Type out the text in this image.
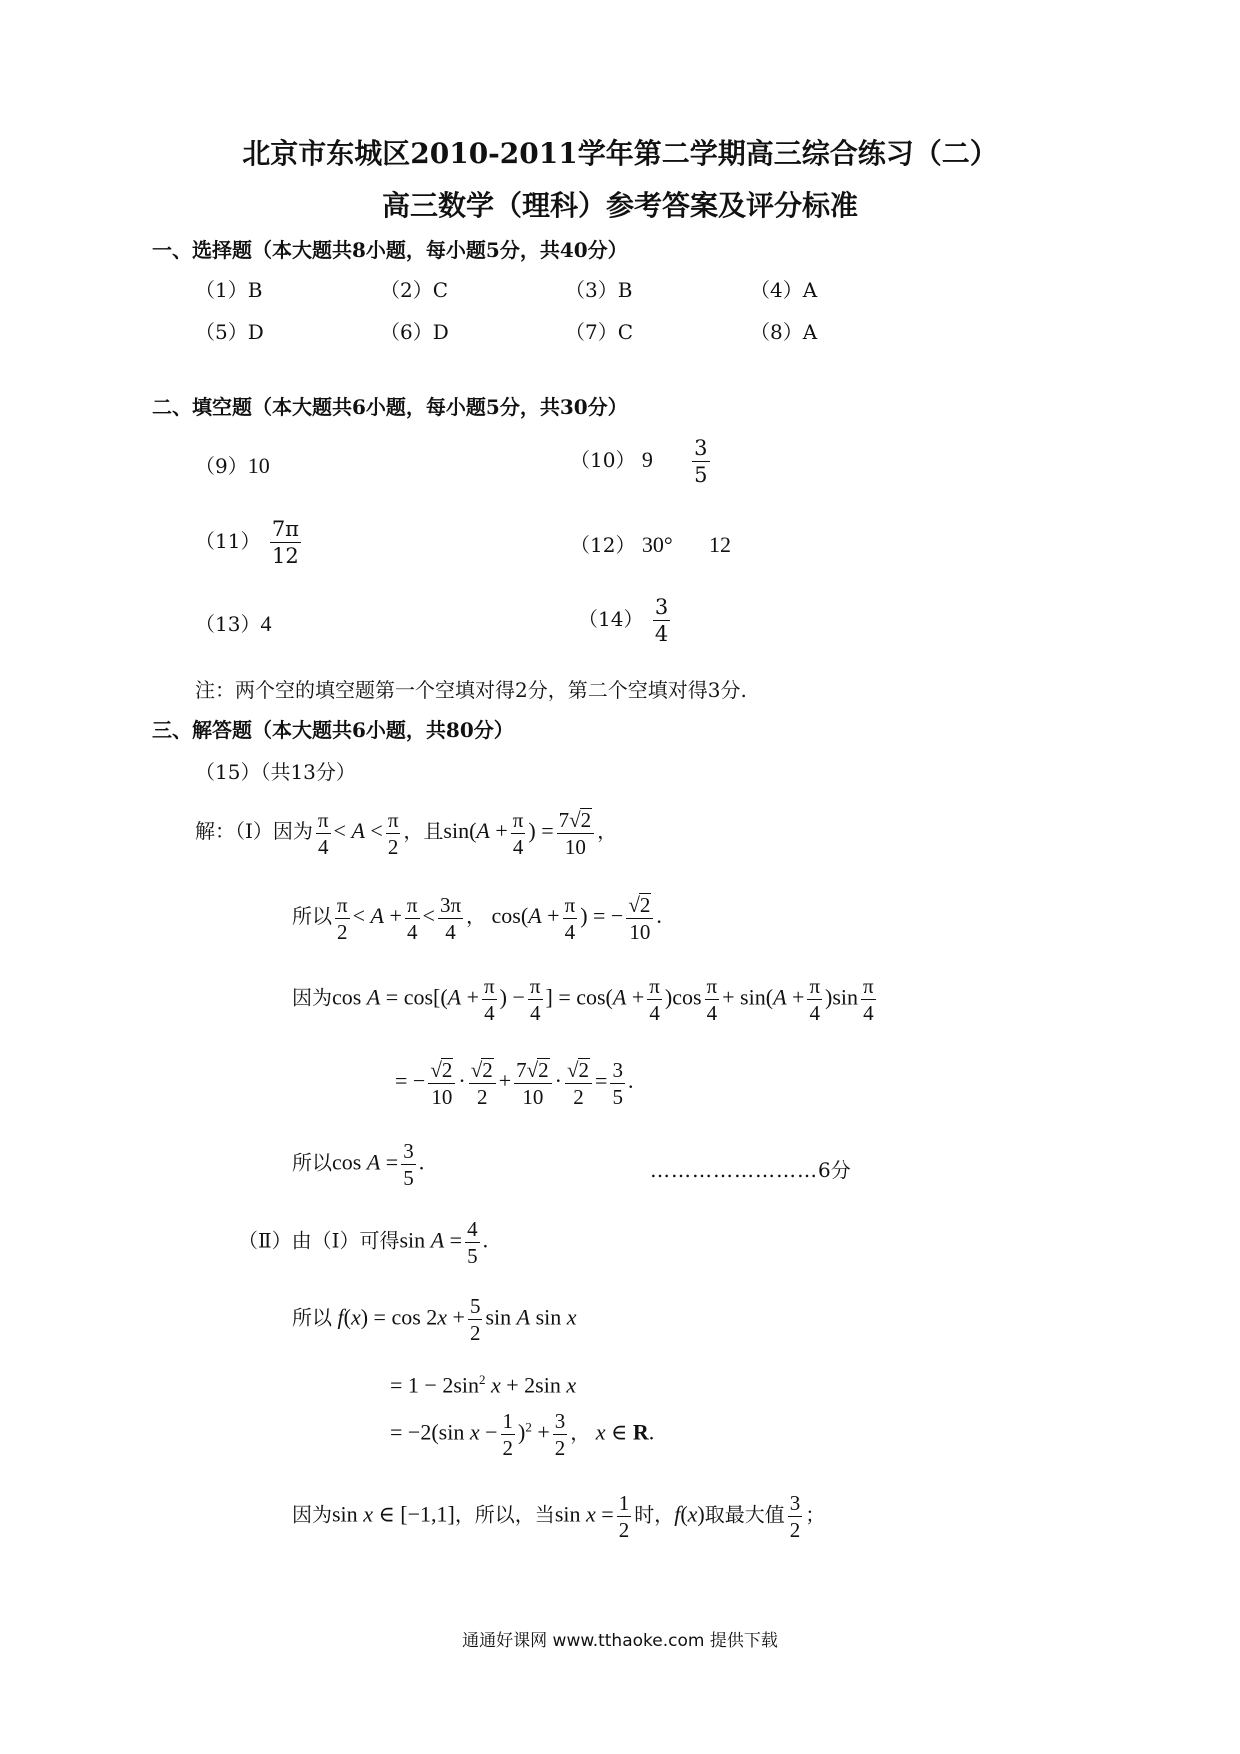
北京市东城区2010-2011学年第二学期高三综合练习（二）
高三数学（理科）参考答案及评分标准
一、选择题（本大题共8小题，每小题5分，共40分）
（1）B	（2）C	（3）B	（4）A
（5）D	（6）D	（7）C	（8）A
二、填空题（本大题共6小题，每小题5分，共30分）
（9）10	（10） $9 \frac{3}{5}$
$(11) \frac{7\pi}{12}$	（12） 30° 12
（13）4	$(14) \frac{3}{4}$
注：两个空的填空题第一个空填对得2分，第二个空填对得3分.
三、解答题（本大题共6小题，共80分）
（15）（共13分）
解：（Ⅰ）因为 $\frac{\pi}{4} < A < \frac{\pi}{2}$ ，且$\sin(A + \frac{\pi}{4}$ ) = $\frac{7√2}{10}$ ，
所以 $\frac{\pi}{2} < A + \frac{\pi}{4} < \frac{3\pi}{4}$ ， $\cos(A + \frac{\pi}{4}$ ) = − $\frac{√2}{10}$ .
因为$\cos A = \cos[(A + \frac{\pi}{4}$ ) − $\frac{\pi}{4}$ ] = $\cos(A + \frac{\pi}{4} )\cos \frac{\pi}{4} + \sin(A + \frac{\pi}{4} )\sin \frac{\pi}{4}$
= − $\frac{√2}{10} \cdot \frac{√2}{2} + \frac{7√2}{10} \cdot \frac{√2}{2} = \frac{3}{5}$ .
所以$\cos A = \frac{3}{5}$ .	……………………6分
（Ⅱ）由（Ⅰ）可得$\sin A = \frac{4}{5}$ .
所以 $f(x) = \cos 2x + \frac{5}{2}$ sin A sin x
= $1 - 2\sin^2$ x + 2sin x
= −2(sin $x - \frac{1}{2} )^2 + \frac{3}{2}$ ， x ∈ R.
因为sin x ∈ [−1,1]，所以，当$\sin x = \frac{1}{2}$ 时，f(x)取最大值 $\frac{3}{2}$ ；
通通好课网 www.tthaoke.com 提供下载
